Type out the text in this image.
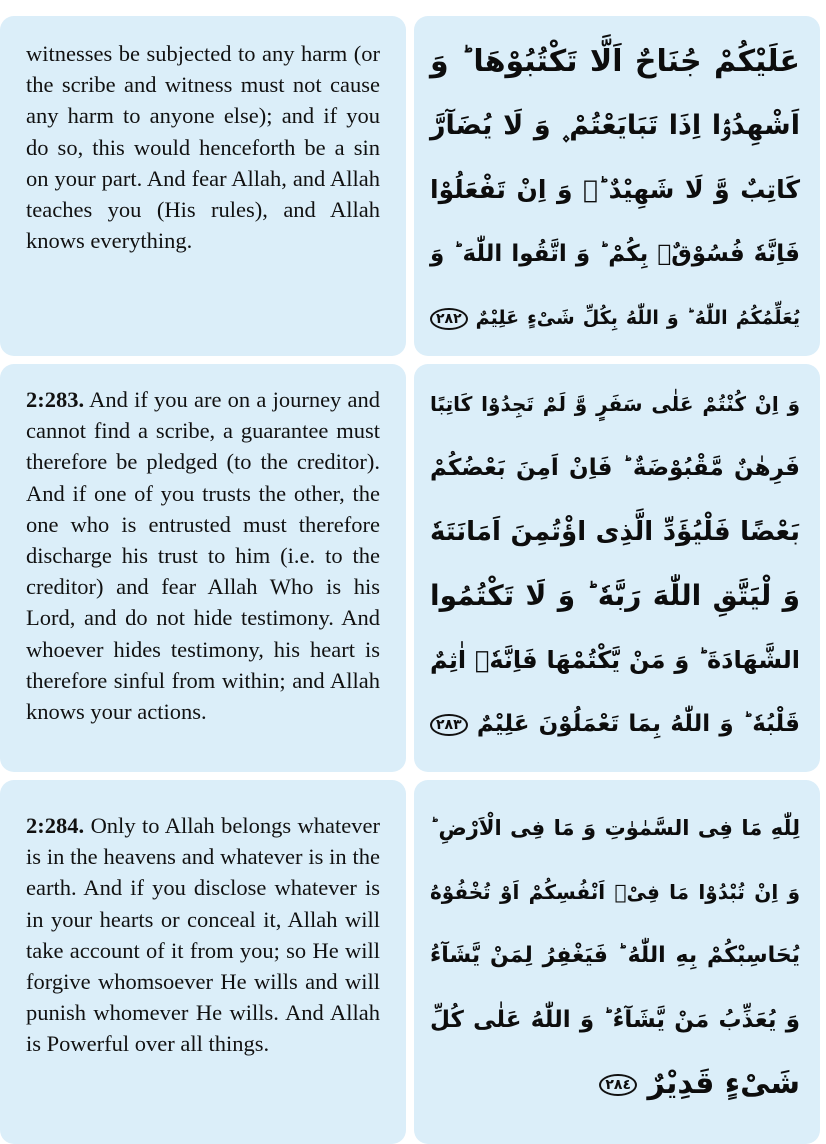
witnesses be subjected to any harm (or the scribe and witness must not cause any harm to anyone else); and if you do so, this would henceforth be a sin on your part. And fear Allah, and Allah teaches you (His rules), and Allah knows everything.

عَلَيْكُمْ جُنَاحٌ اَلَّا تَكْتُبُوْهَا ؕ وَ
اَشْهِدُوْۤا اِذَا تَبَايَعْتُمْ ۪ وَ لَا يُضَآرَّ
كَاتِبٌ وَّ لَا شَهِيْدٌ ؕ۬ وَ اِنْ تَفْعَلُوْا
فَاِنَّهٗ فُسُوْقٌۢ بِكُمْ ؕ وَ اتَّقُوا اللّٰهَ ؕ وَ
يُعَلِّمُكُمُ اللّٰهُ ؕ وَ اللّٰهُ بِكُلِّ شَیْءٍ عَلِيْمٌ ٢٨٢

2:283. And if you are on a journey and cannot find a scribe, a guarantee must therefore be pledged (to the creditor). And if one of you trusts the other, the one who is entrusted must therefore discharge his trust to him (i.e. to the creditor) and fear Allah Who is his Lord, and do not hide testimony. And whoever hides testimony, his heart is therefore sinful from within; and Allah knows your actions.

وَ اِنْ كُنْتُمْ عَلٰى سَفَرٍ وَّ لَمْ تَجِدُوْا كَاتِبًا
فَرِهٰنٌ مَّقْبُوْضَةٌ ؕ فَاِنْ اَمِنَ بَعْضُكُمْ
بَعْضًا فَلْيُؤَدِّ الَّذِی اؤْتُمِنَ اَمَانَتَهٗ
وَ لْيَتَّقِ اللّٰهَ رَبَّهٗ ؕ وَ لَا تَكْتُمُوا
الشَّهَادَةَ ؕ وَ مَنْ يَّكْتُمْهَا فَاِنَّهٗۤ اٰثِمٌ
قَلْبُهٗ ؕ وَ اللّٰهُ بِمَا تَعْمَلُوْنَ عَلِيْمٌ ٢٨٣

2:284. Only to Allah belongs whatever is in the heavens and whatever is in the earth. And if you disclose whatever is in your hearts or conceal it, Allah will take account of it from you; so He will forgive whomsoever He wills and will punish whomever He wills. And Allah is Powerful over all things.

لِلّٰهِ مَا فِی السَّمٰوٰتِ وَ مَا فِی الْاَرْضِ ؕ
وَ اِنْ تُبْدُوْا مَا فِیْۤ اَنْفُسِكُمْ اَوْ تُخْفُوْهُ
يُحَاسِبْكُمْ بِهِ اللّٰهُ ؕ فَيَغْفِرُ لِمَنْ يَّشَآءُ
وَ يُعَذِّبُ مَنْ يَّشَآءُ ؕ وَ اللّٰهُ عَلٰى كُلِّ
شَیْءٍ قَدِيْرٌ ٢٨٤
